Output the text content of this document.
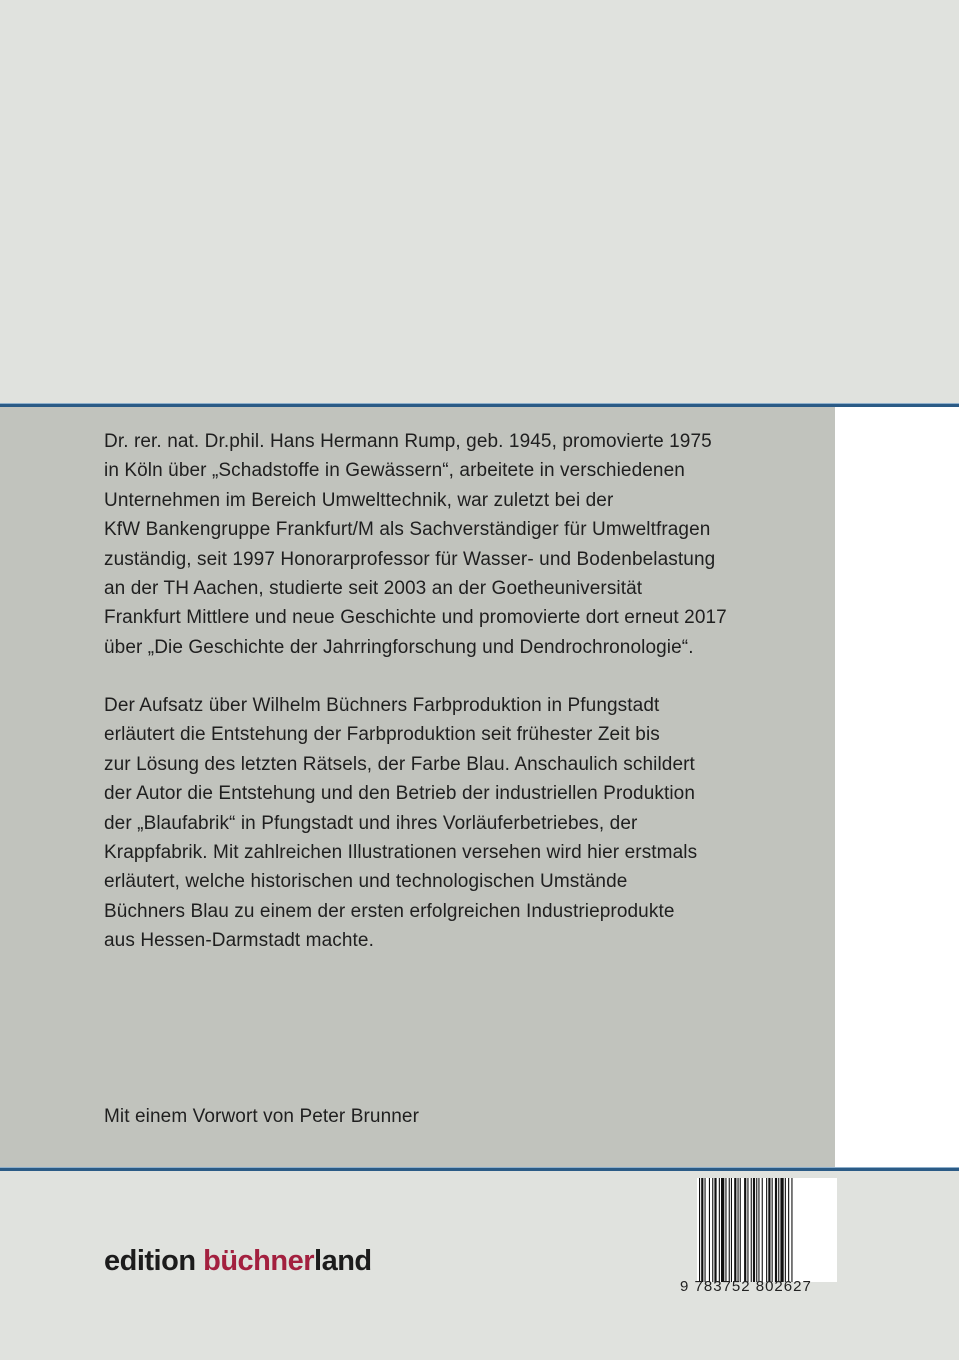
Dr. rer. nat. Dr.phil. Hans Hermann Rump, geb. 1945, promovierte 1975
in Köln über „Schadstoffe in Gewässern“, arbeitete in verschiedenen
Unternehmen im Bereich Umwelttechnik, war zuletzt bei der
KfW Bankengruppe Frankfurt/M als Sachverständiger für Umweltfragen
zuständig, seit 1997 Honorarprofessor für Wasser- und Bodenbelastung
an der TH Aachen, studierte seit 2003 an der Goetheuniversität
Frankfurt Mittlere und neue Geschichte und promovierte dort erneut 2017
über „Die Geschichte der Jahrringforschung und Dendrochronologie“.
Der Aufsatz über Wilhelm Büchners Farbproduktion in Pfungstadt
erläutert die Entstehung der Farbproduktion seit frühester Zeit bis
zur Lösung des letzten Rätsels, der Farbe Blau. Anschaulich schildert
der Autor die Entstehung und den Betrieb der industriellen Produktion
der „Blaufabrik“ in Pfungstadt und ihres Vorläuferbetriebes, der
Krappfabrik. Mit zahlreichen Illustrationen versehen wird hier erstmals
erläutert, welche historischen und technologischen Umstände
Büchners Blau zu einem der ersten erfolgreichen Industrieprodukte
aus Hessen-Darmstadt machte.
Mit einem Vorwort von Peter Brunner
edition büchnerland
9 783752 802627
